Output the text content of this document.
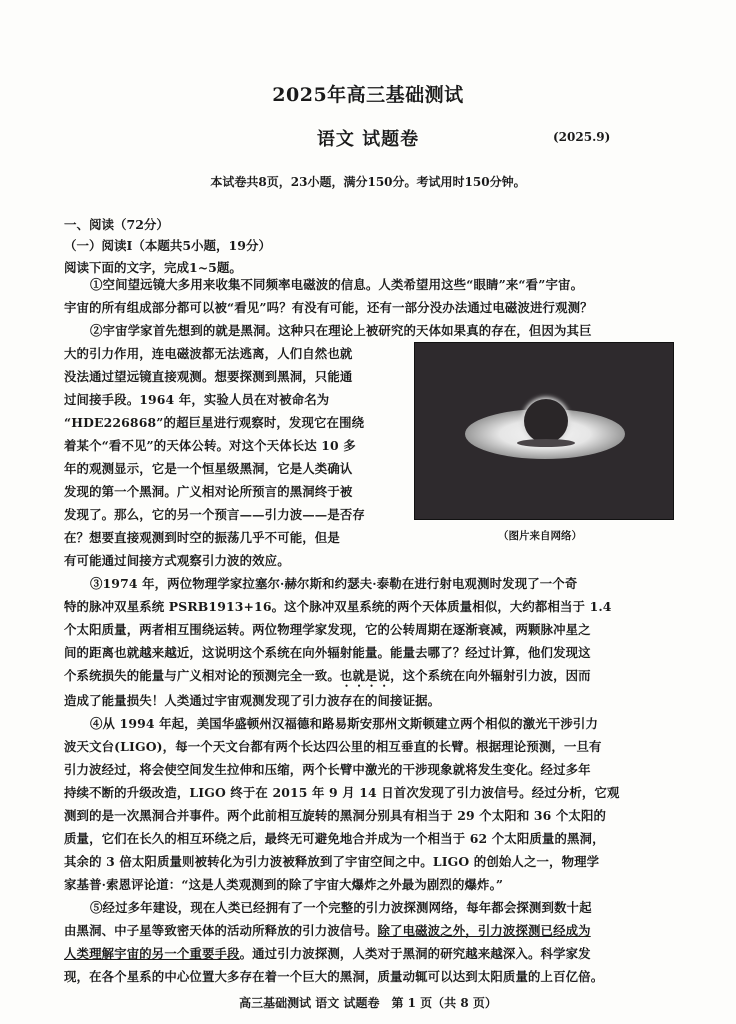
2025年高三基础测试
语文 试题卷	(2025.9)
本试卷共8页，23小题，满分150分。考试用时150分钟。
一、阅读（72分）
（一）阅读Ⅰ（本题共5小题，19分）
阅读下面的文字，完成1~5题。
①空间望远镜大多用来收集不同频率电磁波的信息。人类希望用这些“眼睛”来“看”宇宙。
宇宙的所有组成部分都可以被“看见”吗？有没有可能，还有一部分没办法通过电磁波进行观测？
②宇宙学家首先想到的就是黑洞。这种只在理论上被研究的天体如果真的存在，但因为其巨
大的引力作用，连电磁波都无法逃离，人们自然也就
没法通过望远镜直接观测。想要探测到黑洞，只能通
过间接手段。1964 年，实验人员在对被命名为
“HDE226868”的超巨星进行观察时，发现它在围绕
着某个“看不见”的天体公转。对这个天体长达 10 多
年的观测显示，它是一个恒星级黑洞，它是人类确认
发现的第一个黑洞。广义相对论所预言的黑洞终于被
发现了。那么，它的另一个预言——引力波——是否存
在？想要直接观测到时空的振荡几乎不可能，但是
有可能通过间接方式观察引力波的效应。
（图片来自网络）
③1974 年，两位物理学家拉塞尔·赫尔斯和约瑟夫·泰勒在进行射电观测时发现了一个奇
特的脉冲双星系统 PSRB1913+16。这个脉冲双星系统的两个天体质量相似，大约都相当于 1.4
个太阳质量，两者相互围绕运转。两位物理学家发现，它的公转周期在逐渐衰减，两颗脉冲星之
间的距离也就越来越近，这说明这个系统在向外辐射能量。能量去哪了？经过计算，他们发现这
个系统损失的能量与广义相对论的预测完全一致。也就是说，这个系统在向外辐射引力波，因而
造成了能量损失！人类通过宇宙观测发现了引力波存在的间接证据。
④从 1994 年起，美国华盛顿州汉福德和路易斯安那州文斯顿建立两个相似的激光干涉引力
波天文台(LIGO)，每一个天文台都有两个长达四公里的相互垂直的长臂。根据理论预测，一旦有
引力波经过，将会使空间发生拉伸和压缩，两个长臂中激光的干涉现象就将发生变化。经过多年
持续不断的升级改造，LIGO 终于在 2015 年 9 月 14 日首次发现了引力波信号。经过分析，它观
测到的是一次黑洞合并事件。两个此前相互旋转的黑洞分别具有相当于 29 个太阳和 36 个太阳的
质量，它们在长久的相互环绕之后，最终无可避免地合并成为一个相当于 62 个太阳质量的黑洞，
其余的 3 倍太阳质量则被转化为引力波被释放到了宇宙空间之中。LIGO 的创始人之一，物理学
家基普·索恩评论道：“这是人类观测到的除了宇宙大爆炸之外最为剧烈的爆炸。”
⑤经过多年建设，现在人类已经拥有了一个完整的引力波探测网络，每年都会探测到数十起
由黑洞、中子星等致密天体的活动所释放的引力波信号。除了电磁波之外，引力波探测已经成为
人类理解宇宙的另一个重要手段。通过引力波探测，人类对于黑洞的研究越来越深入。科学家发
现，在各个星系的中心位置大多存在着一个巨大的黑洞，质量动辄可以达到太阳质量的上百亿倍。
高三基础测试 语文 试题卷　第 1 页（共 8 页）
